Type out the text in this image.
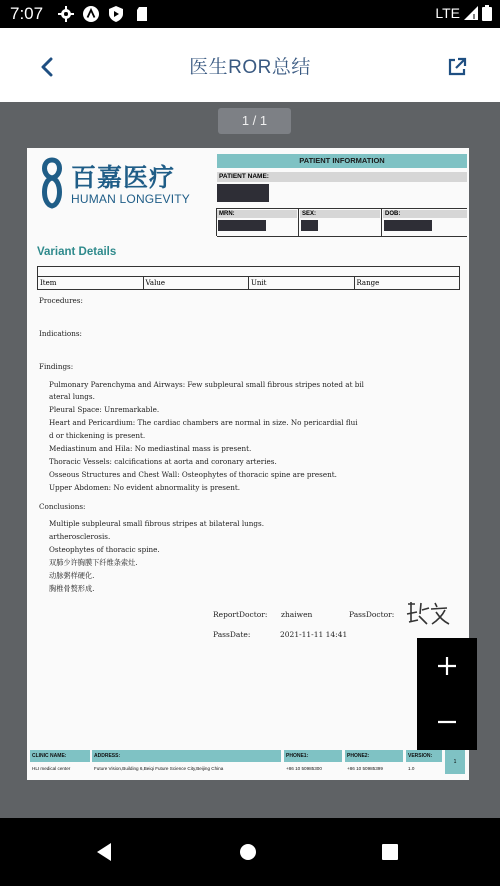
7:07	LTE
医生ROR总结
1 / 1
百嘉医疗
HUMAN LONGEVITY
PATIENT INFORMATION
PATIENT NAME:
MRN:	SEX:	DOB:
Variant Details
Item	Value	Unit	Range
Procedures:
Indications:
Findings:
Pulmonary Parenchyma and Airways: Few subpleural small fibrous stripes noted at bil
ateral lungs.
Pleural Space: Unremarkable.
Heart and Pericardium: The cardiac chambers are normal in size. No pericardial flui
d or thickening is present.
Mediastinum and Hila: No mediastinal mass is present.
Thoracic Vessels: calcifications at aorta and coronary arteries.
Osseous Structures and Chest Wall: Osteophytes of thoracic spine are present.
Upper Abdomen: No evident abnormality is present.
Conclusions:
Multiple subpleural small fibrous stripes at bilateral lungs.
artherosclerosis.
Osteophytes of thoracic spine.
双肺少许胸膜下纤维条索灶.
动脉粥样硬化.
胸椎骨赘形成.
ReportDoctor: zhaiwen	PassDoctor:
PassDate:	2021-11-11 14:41
CLINIC NAME:	ADDRESS:	PHONE1:	PHONE2:	VERSION:
1
HLI medical center	Future Vision,Building 6,Beiqi Future Science City,Beijing China	+86 10 50985300	+86 10 50985399	1.0
